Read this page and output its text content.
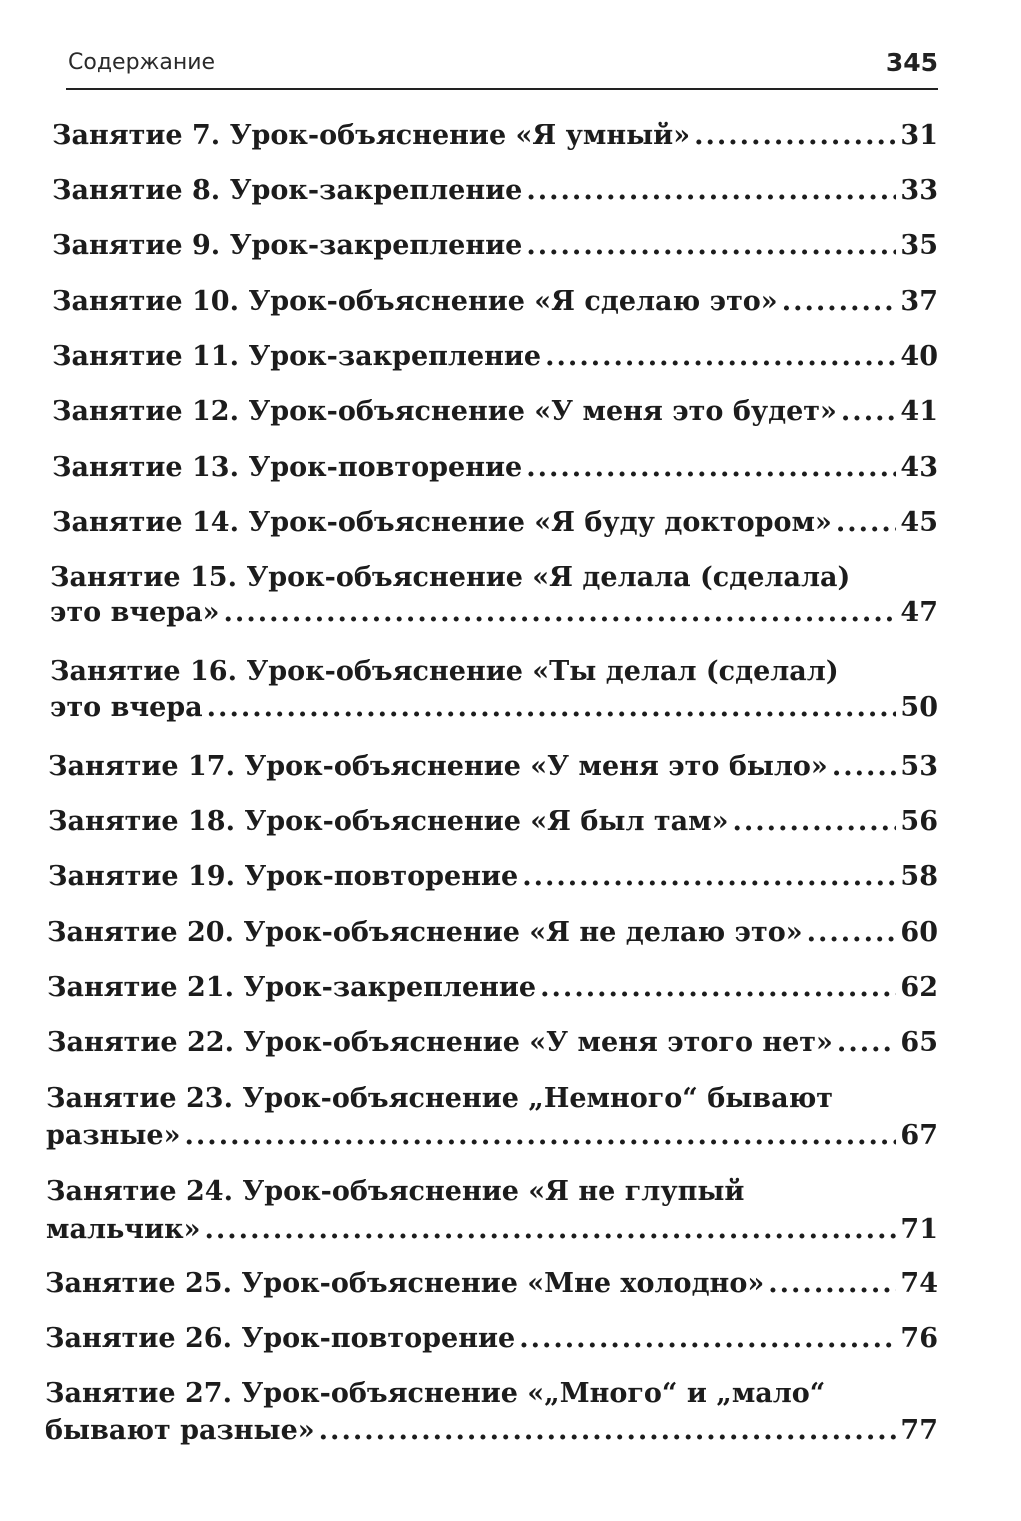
Содержание	345
Занятие 7. Урок-объяснение «Я умный» .....	31
Занятие 8. Урок-закрепление .....	33
Занятие 9. Урок-закрепление .....	35
Занятие 10. Урок-объяснение «Я сделаю это» .....	37
Занятие 11. Урок-закрепление .....	40
Занятие 12. Урок-объяснение «У меня это будет» ..... 41
Занятие 13. Урок-повторение .....	43
Занятие 14. Урок-объяснение «Я буду доктором» .....	45
Занятие 15. Урок-объяснение «Я делала (сделала)
это вчера» .....	47
Занятие 16. Урок-объяснение «Ты делал (сделал)
это вчера .....	50
Занятие 17. Урок-объяснение «У меня это было» .....	53
Занятие 18. Урок-объяснение «Я был там» .....	56
Занятие 19. Урок-повторение .....	58
Занятие 20. Урок-объяснение «Я не делаю это» .....	60
Занятие 21. Урок-закрепление .....	62
Занятие 22. Урок-объяснение «У меня этого нет» .....	65
Занятие 23. Урок-объяснение „Немного“ бывают
разные» .....	67
Занятие 24. Урок-объяснение «Я не глупый
мальчик» .....	71
Занятие 25. Урок-объяснение «Мне холодно» .....	74
Занятие 26. Урок-повторение .....	76
Занятие 27. Урок-объяснение «„Много“ и „мало“
бывают разные» .....	77
